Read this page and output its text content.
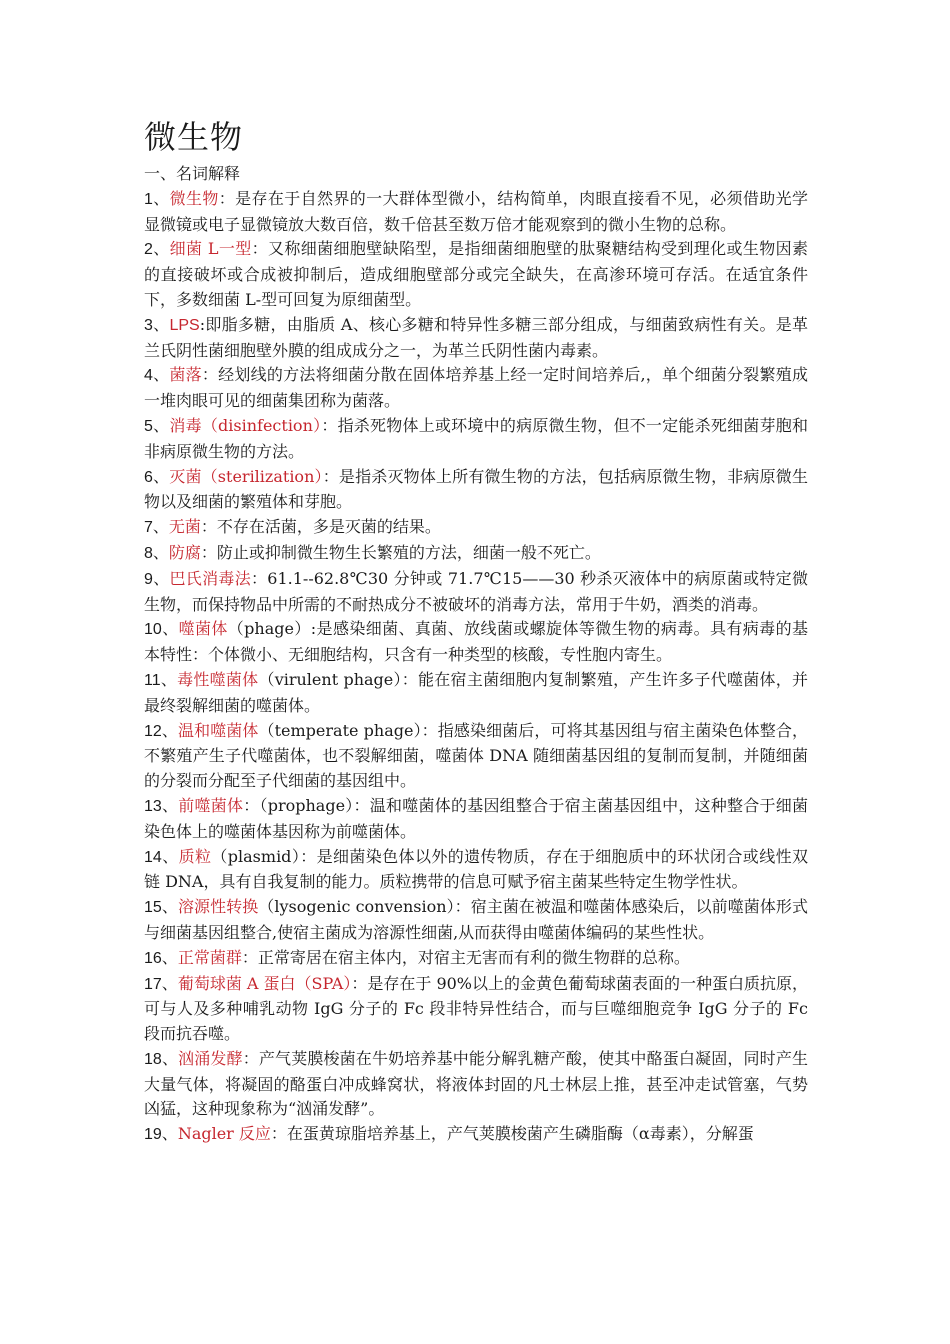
微生物

一、名词解释

1、微生物：是存在于自然界的一大群体型微小，结构简单，肉眼直接看不见，必须借助光学显微镜或电子显微镜放大数百倍，数千倍甚至数万倍才能观察到的微小生物的总称。
2、细菌 L一型：又称细菌细胞壁缺陷型，是指细菌细胞壁的肽聚糖结构受到理化或生物因素的直接破坏或合成被抑制后，造成细胞壁部分或完全缺失，在高渗环境可存活。在适宜条件下，多数细菌 L-型可回复为原细菌型。
3、LPS:即脂多糖，由脂质 A、核心多糖和特异性多糖三部分组成，与细菌致病性有关。是革兰氏阴性菌细胞壁外膜的组成成分之一，为革兰氏阴性菌内毒素。
4、菌落：经划线的方法将细菌分散在固体培养基上经一定时间培养后,，单个细菌分裂繁殖成一堆肉眼可见的细菌集团称为菌落。
5、消毒（disinfection）：指杀死物体上或环境中的病原微生物，但不一定能杀死细菌芽胞和非病原微生物的方法。
6、灭菌（sterilization）：是指杀灭物体上所有微生物的方法，包括病原微生物，非病原微生物以及细菌的繁殖体和芽胞。
7、无菌：不存在活菌，多是灭菌的结果。
8、防腐：防止或抑制微生物生长繁殖的方法，细菌一般不死亡。
9、巴氏消毒法：61.1--62.8℃30 分钟或 71.7℃15——30 秒杀灭液体中的病原菌或特定微生物，而保持物品中所需的不耐热成分不被破坏的消毒方法，常用于牛奶，酒类的消毒。
10、噬菌体（phage）:是感染细菌、真菌、放线菌或螺旋体等微生物的病毒。具有病毒的基本特性：个体微小、无细胞结构，只含有一种类型的核酸，专性胞内寄生。
11、毒性噬菌体（virulent phage）：能在宿主菌细胞内复制繁殖，产生许多子代噬菌体，并最终裂解细菌的噬菌体。
12、温和噬菌体（temperate phage）：指感染细菌后，可将其基因组与宿主菌染色体整合，不繁殖产生子代噬菌体，也不裂解细菌，噬菌体 DNA 随细菌基因组的复制而复制，并随细菌的分裂而分配至子代细菌的基因组中。
13、前噬菌体：（prophage）：温和噬菌体的基因组整合于宿主菌基因组中，这种整合于细菌染色体上的噬菌体基因称为前噬菌体。
14、质粒（plasmid）：是细菌染色体以外的遗传物质，存在于细胞质中的环状闭合或线性双链 DNA，具有自我复制的能力。质粒携带的信息可赋予宿主菌某些特定生物学性状。
15、溶源性转换（lysogenic convension）：宿主菌在被温和噬菌体感染后，以前噬菌体形式与细菌基因组整合,使宿主菌成为溶源性细菌,从而获得由噬菌体编码的某些性状。
16、正常菌群：正常寄居在宿主体内，对宿主无害而有利的微生物群的总称。
17、葡萄球菌 A 蛋白（SPA）：是存在于 90%以上的金黄色葡萄球菌表面的一种蛋白质抗原，可与人及多种哺乳动物 IgG 分子的 Fc 段非特异性结合，而与巨噬细胞竞争 IgG 分子的 Fc 段而抗吞噬。
18、汹涌发酵：产气荚膜梭菌在牛奶培养基中能分解乳糖产酸，使其中酪蛋白凝固，同时产生大量气体，将凝固的酪蛋白冲成蜂窝状，将液体封固的凡士林层上推，甚至冲走试管塞，气势凶猛，这种现象称为“汹涌发酵”。
19、Nagler 反应：在蛋黄琼脂培养基上，产气荚膜梭菌产生磷脂酶（α毒素），分解蛋
